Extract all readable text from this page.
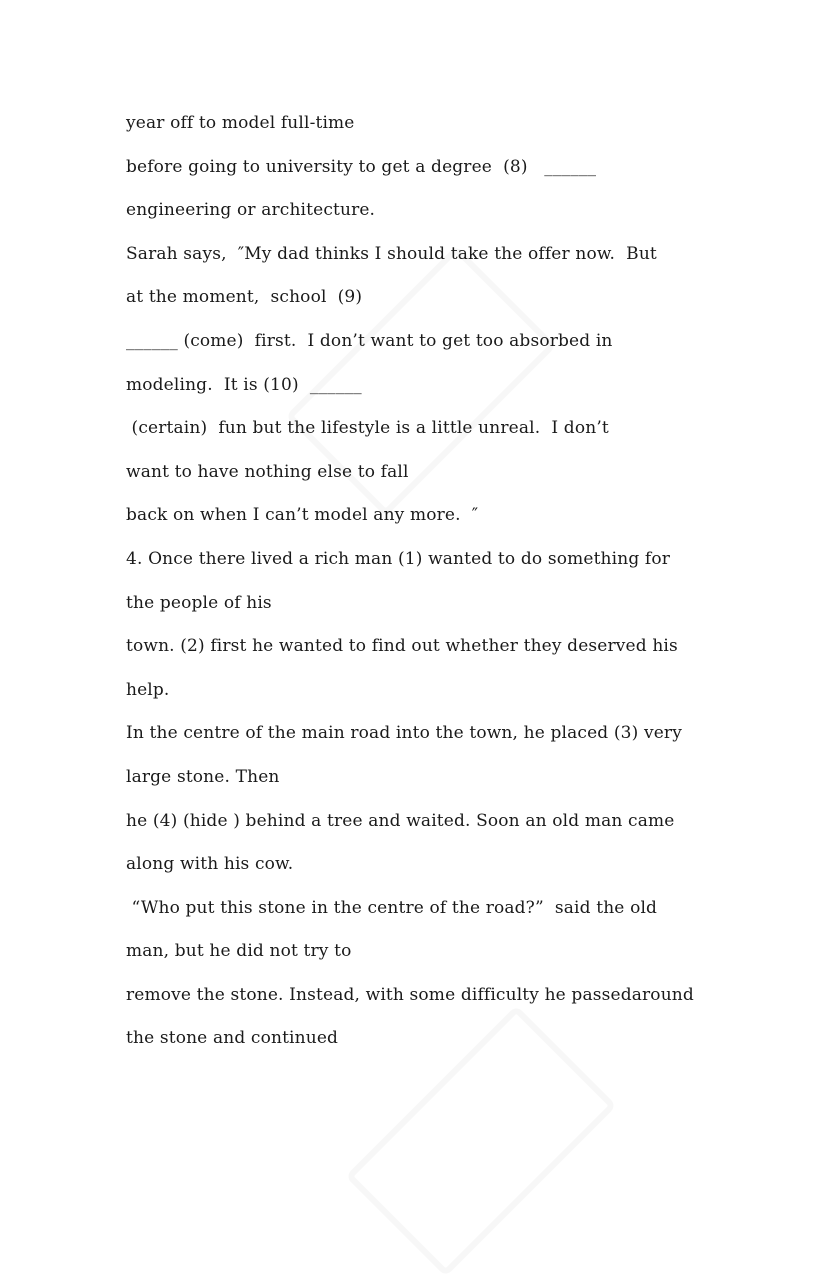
year off to model full-time
before going to university to get a degree  (8)   ______
engineering or architecture.
Sarah says,  ″My dad thinks I should take the offer now.  But
at the moment,  school  (9)
______ (come)  first.  I don’t want to get too absorbed in
modeling.  It is (10)  ______
(certain)  fun but the lifestyle is a little unreal.  I don’t
want to have nothing else to fall
back on when I can’t model any more.  ″
4. Once there lived a rich man (1) wanted to do something for
the people of his
town. (2) first he wanted to find out whether they deserved his
help.
In the centre of the main road into the town, he placed (3) very
large stone. Then
he (4) (hide ) behind a tree and waited. Soon an old man came
along with his cow.
“Who put this stone in the centre of the road?”  said the old
man, but he did not try to
remove the stone. Instead, with some difficulty he passedaround
the stone and continued
